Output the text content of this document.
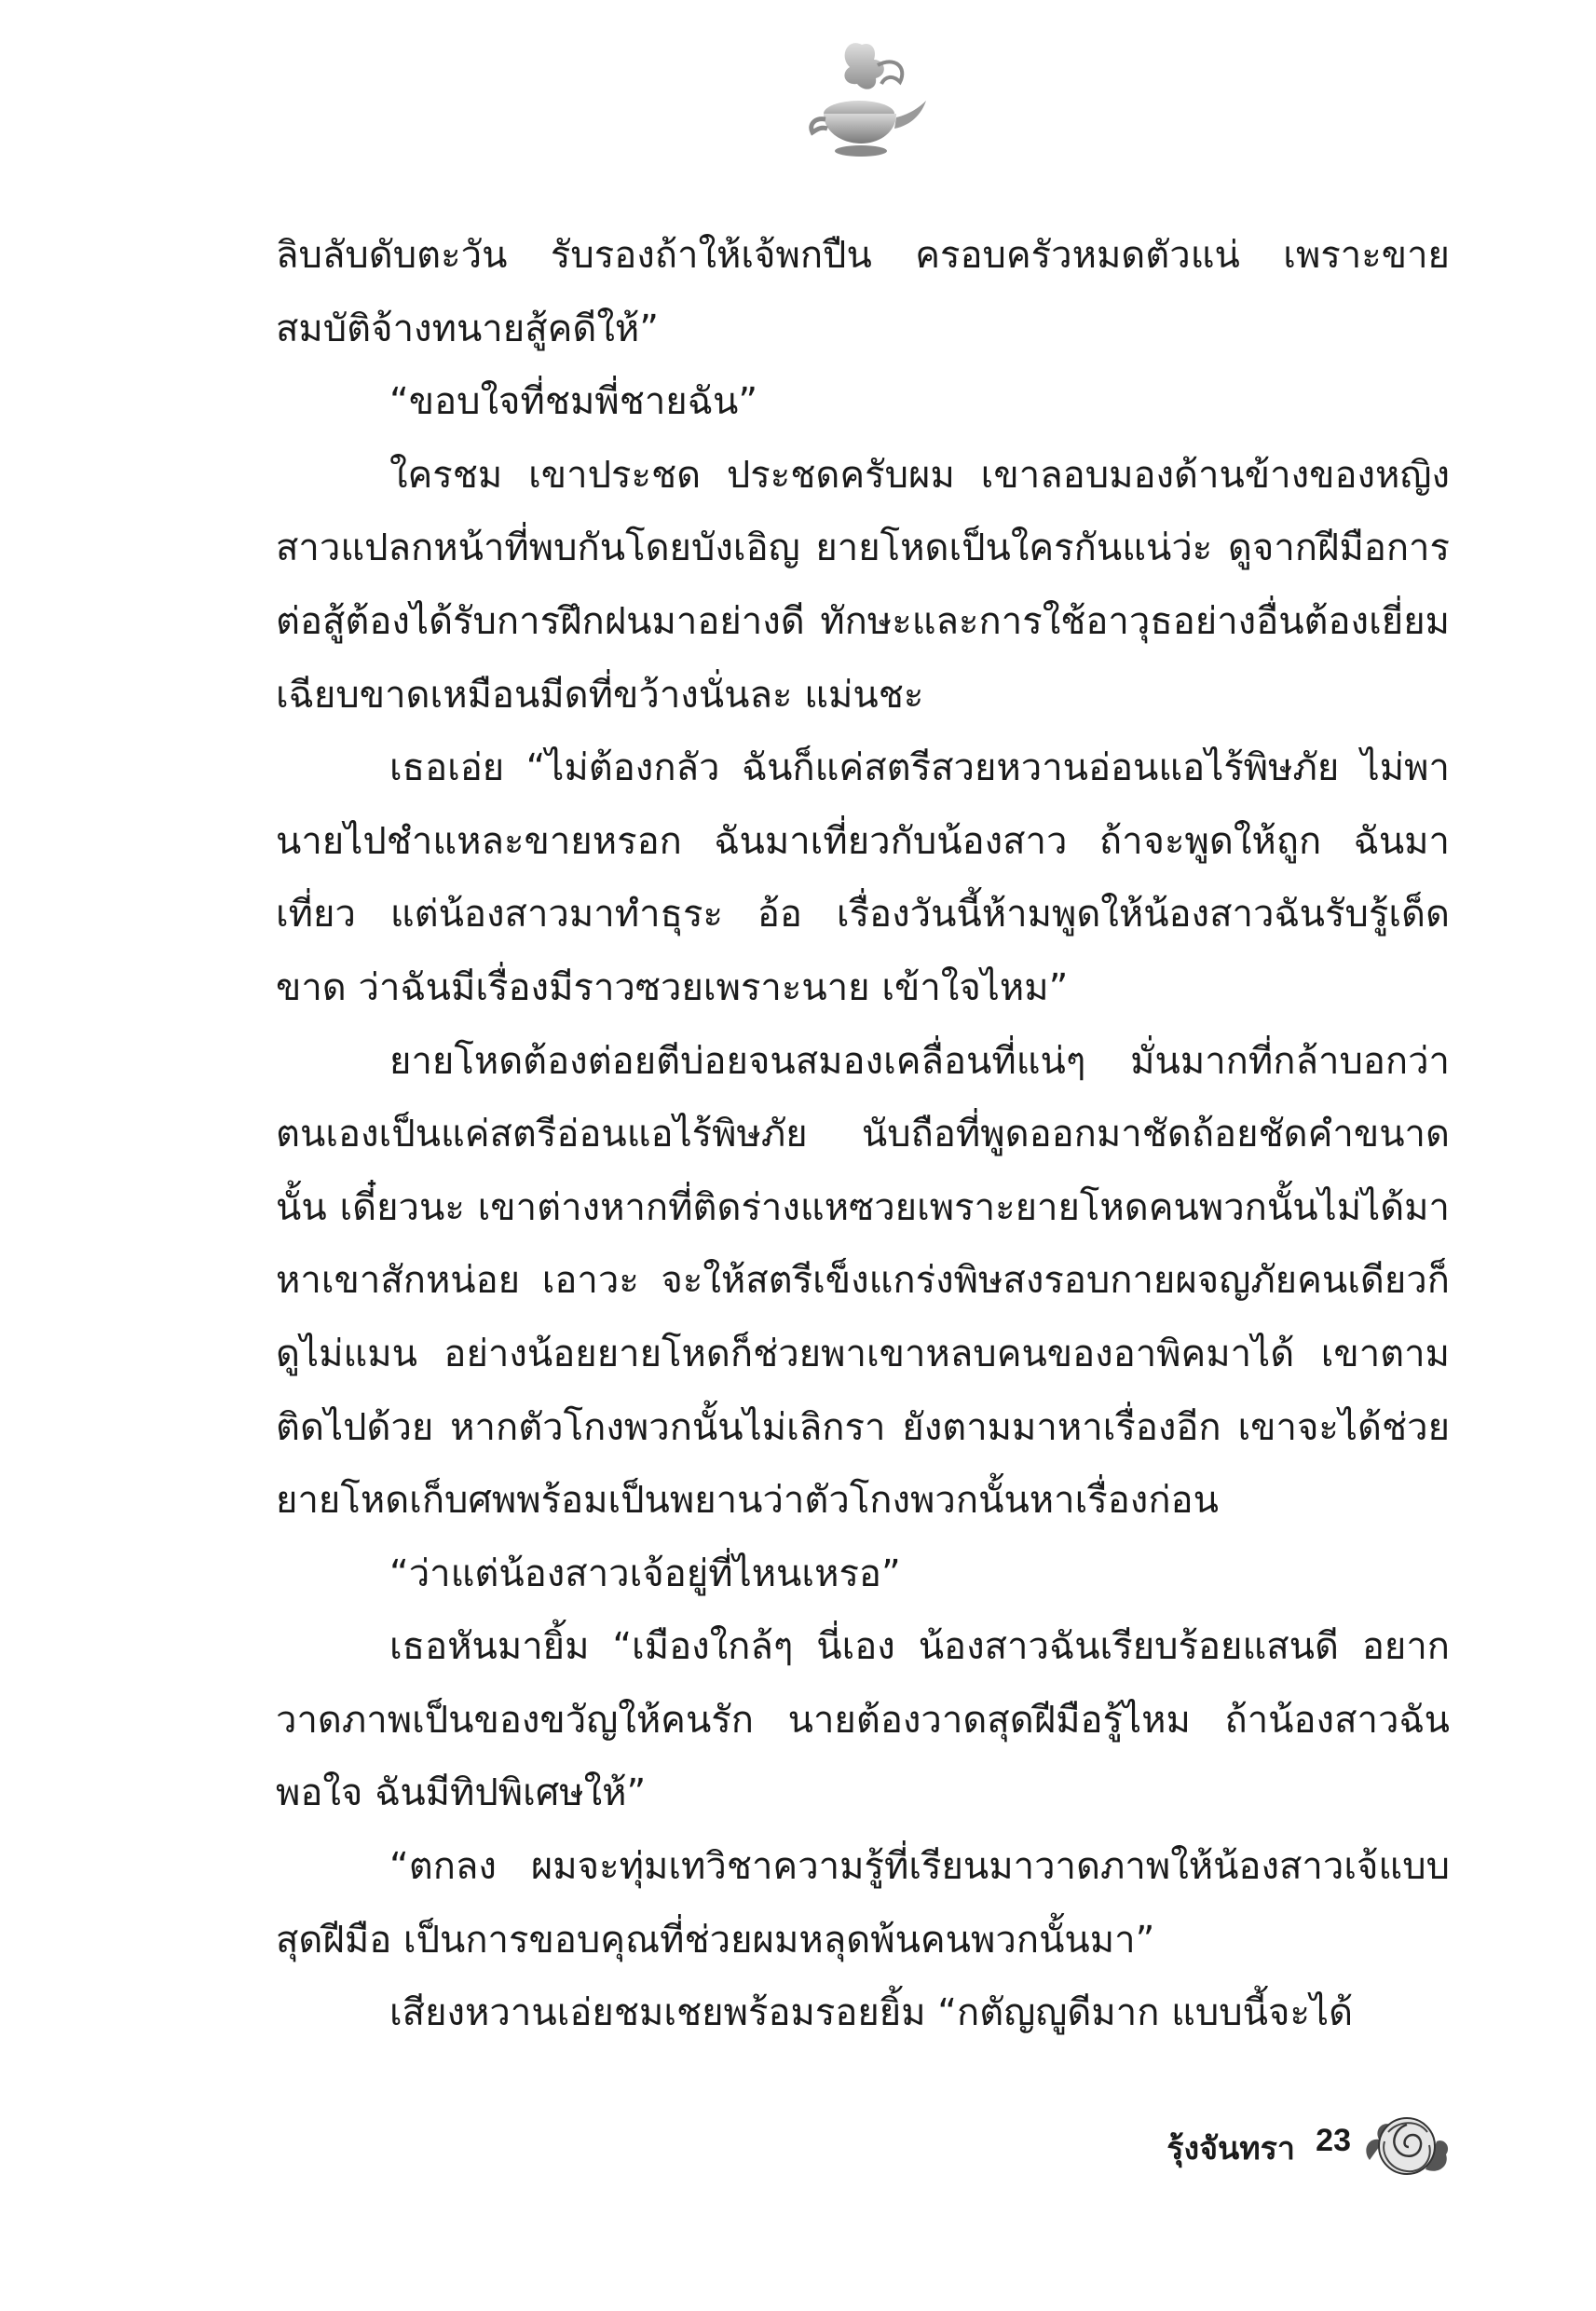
ลิบลับดับตะวัน รับรองถ้าให้เจ้พกปืน ครอบครัวหมดตัวแน่ เพราะขายสมบัติจ้างทนายสู้คดีให้”

“ขอบใจที่ชมพี่ชายฉัน”

ใครชม เขาประชด ประชดครับผม เขาลอบมองด้านข้างของหญิงสาวแปลกหน้าที่พบกันโดยบังเอิญ ยายโหดเป็นใครกันแน่ว่ะ ดูจากฝีมือการต่อสู้ต้องได้รับการฝึกฝนมาอย่างดี ทักษะและการใช้อาวุธอย่างอื่นต้องเยี่ยม เฉียบขาดเหมือนมีดที่ขว้างนั่นละ แม่นชะ

เธอเอ่ย “ไม่ต้องกลัว ฉันก็แค่สตรีสวยหวานอ่อนแอไร้พิษภัย ไม่พานายไปชำแหละขายหรอก ฉันมาเที่ยวกับน้องสาว ถ้าจะพูดให้ถูก ฉันมาเที่ยว แต่น้องสาวมาทำธุระ อ้อ เรื่องวันนี้ห้ามพูดให้น้องสาวฉันรับรู้เด็ดขาด ว่าฉันมีเรื่องมีราวซวยเพราะนาย เข้าใจไหม”

ยายโหดต้องต่อยตีบ่อยจนสมองเคลื่อนที่แน่ๆ มั่นมากที่กล้าบอกว่าตนเองเป็นแค่สตรีอ่อนแอไร้พิษภัย นับถือที่พูดออกมาชัดถ้อยชัดคำขนาดนั้น เดี๋ยวนะ เขาต่างหากที่ติดร่างแหซวยเพราะยายโหดคนพวกนั้นไม่ได้มาหาเขาสักหน่อย เอาวะ จะให้สตรีเข็งแกร่งพิษสงรอบกายผจญภัยคนเดียวก็ดูไม่แมน อย่างน้อยยายโหดก็ช่วยพาเขาหลบคนของอาพิคมาได้ เขาตามติดไปด้วย หากตัวโกงพวกนั้นไม่เลิกรา ยังตามมาหาเรื่องอีก เขาจะได้ช่วยยายโหดเก็บศพพร้อมเป็นพยานว่าตัวโกงพวกนั้นหาเรื่องก่อน

“ว่าแต่น้องสาวเจ้อยู่ที่ไหนเหรอ”

เธอหันมายิ้ม “เมืองใกล้ๆ นี่เอง น้องสาวฉันเรียบร้อยแสนดี อยากวาดภาพเป็นของขวัญให้คนรัก นายต้องวาดสุดฝีมือรู้ไหม ถ้าน้องสาวฉันพอใจ ฉันมีทิปพิเศษให้”

“ตกลง ผมจะทุ่มเทวิชาความรู้ที่เรียนมาวาดภาพให้น้องสาวเจ้แบบสุดฝีมือ เป็นการขอบคุณที่ช่วยผมหลุดพ้นคนพวกนั้นมา”

เสียงหวานเอ่ยชมเชยพร้อมรอยยิ้ม “กตัญญูดีมาก แบบนี้จะได้

รุ้งจันทรา 23
